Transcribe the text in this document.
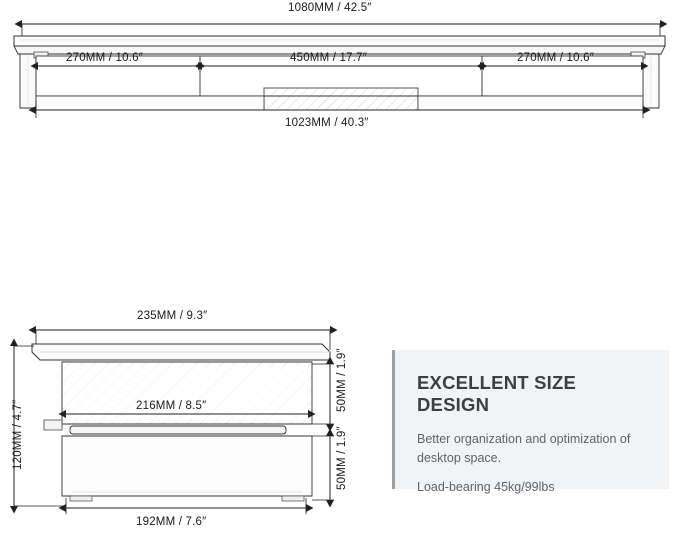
1080MM / 42.5″
270MM / 10.6″	450MM / 17.7″	270MM / 10.6″
1023MM / 40.3″
235MM / 9.3″
216MM / 8.5″
192MM / 7.6″
120MM / 4.7″
50MM / 1.9″
50MM / 1.9″
EXCELLENT SIZE DESIGN
Better organization and optimization of
desktop space.
Load-bearing 45kg/99lbs
